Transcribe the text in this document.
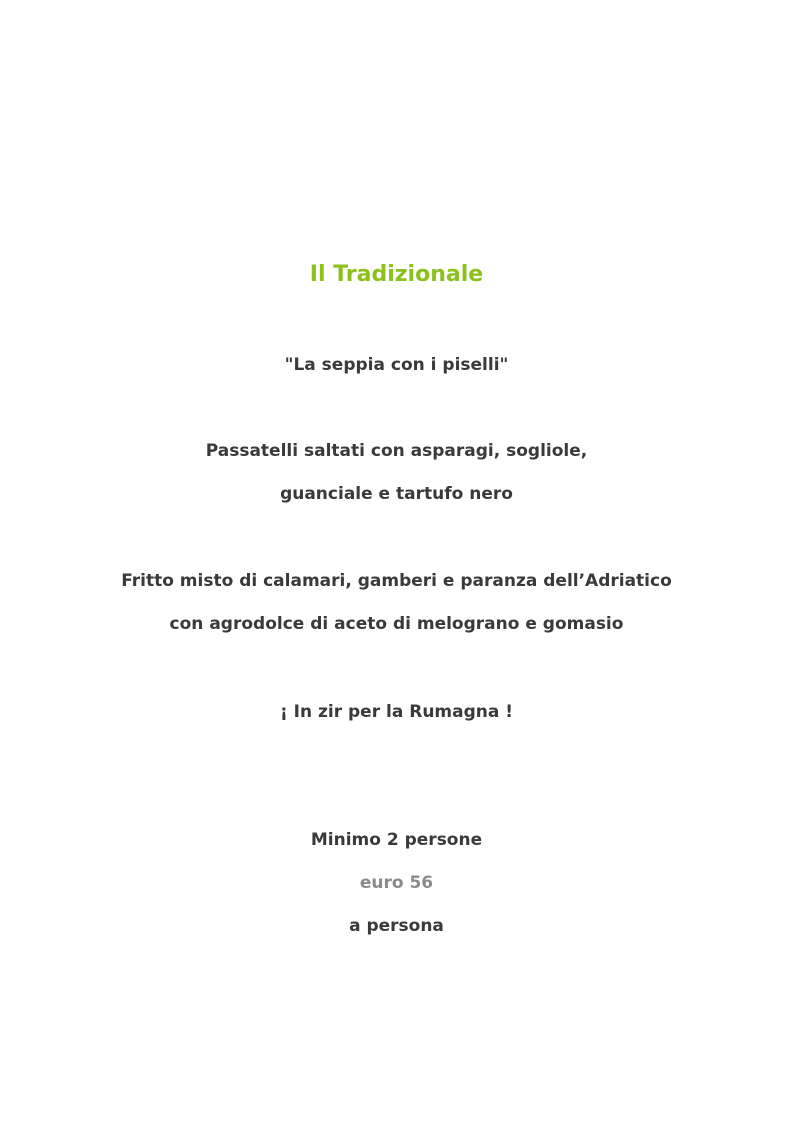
Il Tradizionale
"La seppia con i piselli"
Passatelli saltati con asparagi, sogliole,
guanciale e tartufo nero
Fritto misto di calamari, gamberi e paranza dell’Adriatico
con agrodolce di aceto di melograno e gomasio
¡ In zir per la Rumagna !
Minimo 2 persone
euro 56
a persona
